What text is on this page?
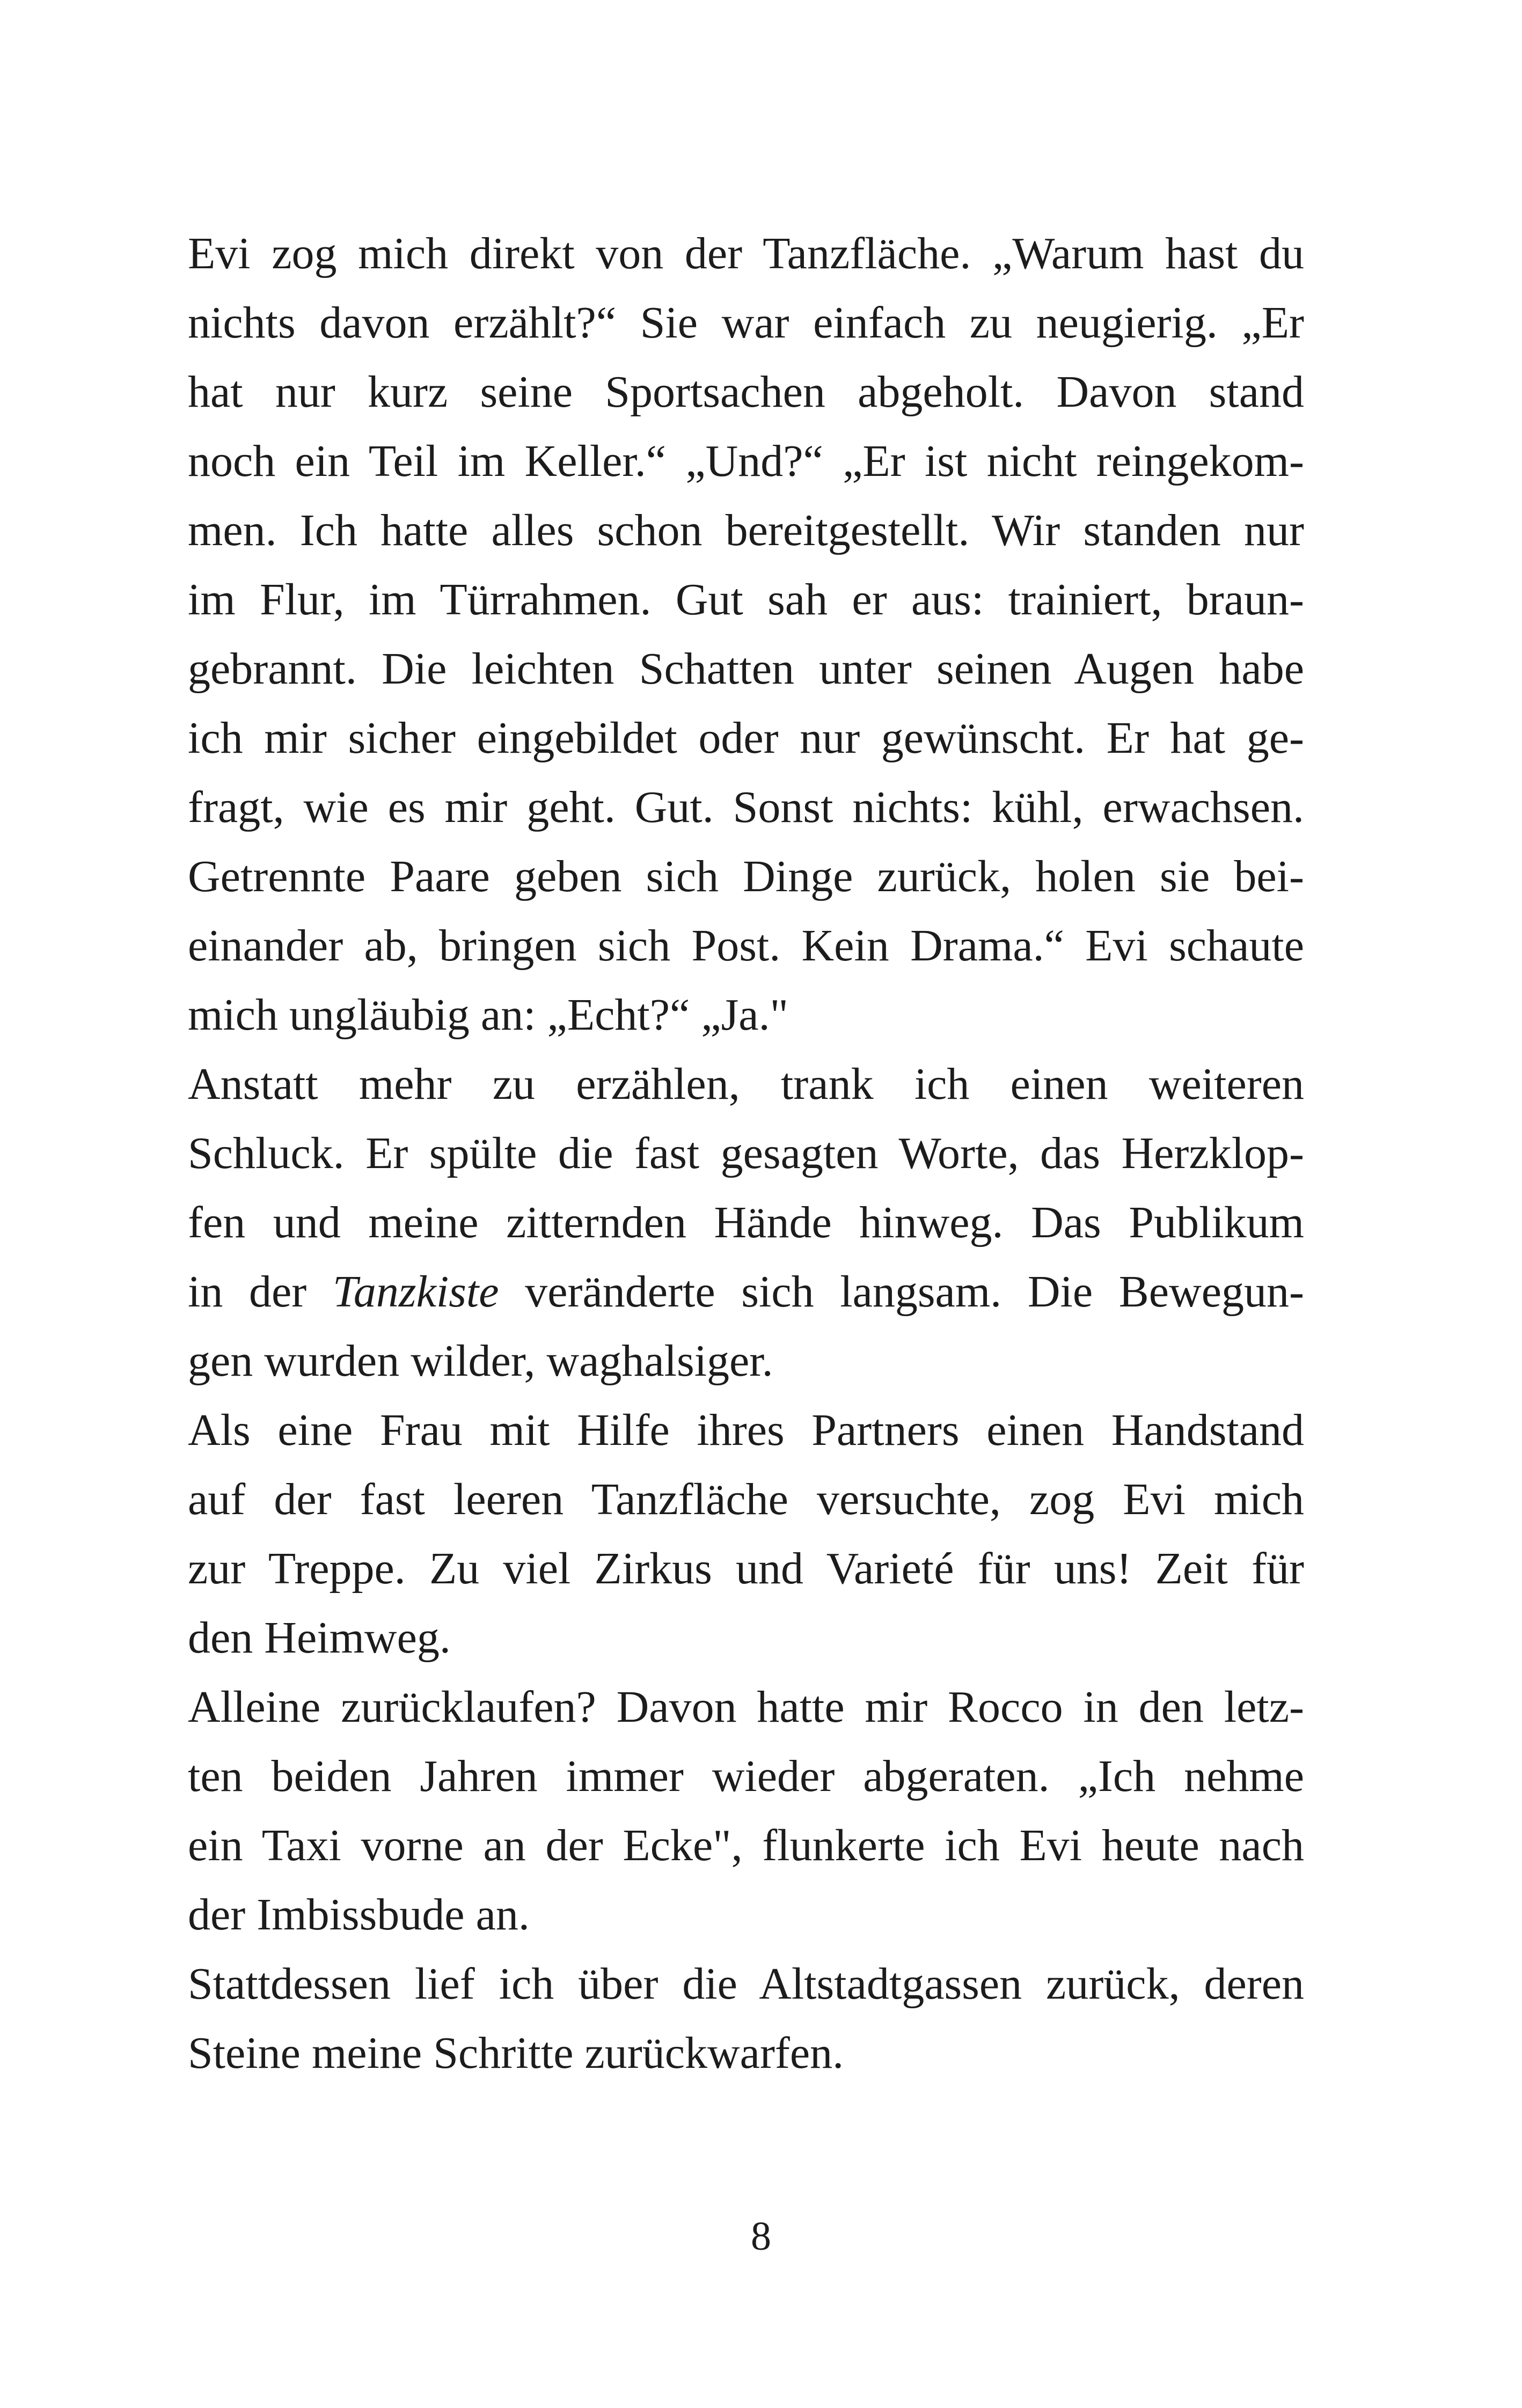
Evi zog mich direkt von der Tanzfläche. „Warum hast du
nichts davon erzählt?“ Sie war einfach zu neugierig. „Er
hat nur kurz seine Sportsachen abgeholt. Davon stand
noch ein Teil im Keller.“ „Und?“ „Er ist nicht reingekom-
men. Ich hatte alles schon bereitgestellt. Wir standen nur
im Flur, im Türrahmen. Gut sah er aus: trainiert, braun-
gebrannt. Die leichten Schatten unter seinen Augen habe
ich mir sicher eingebildet oder nur gewünscht. Er hat ge-
fragt, wie es mir geht. Gut. Sonst nichts: kühl, erwachsen.
Getrennte Paare geben sich Dinge zurück, holen sie bei-
einander ab, bringen sich Post. Kein Drama.“ Evi schaute
mich ungläubig an: „Echt?“ „Ja."
Anstatt mehr zu erzählen, trank ich einen weiteren
Schluck. Er spülte die fast gesagten Worte, das Herzklop-
fen und meine zitternden Hände hinweg. Das Publikum
in der Tanzkiste veränderte sich langsam. Die Bewegun-
gen wurden wilder, waghalsiger.
Als eine Frau mit Hilfe ihres Partners einen Handstand
auf der fast leeren Tanzfläche versuchte, zog Evi mich
zur Treppe. Zu viel Zirkus und Varieté für uns! Zeit für
den Heimweg.
Alleine zurücklaufen? Davon hatte mir Rocco in den letz-
ten beiden Jahren immer wieder abgeraten. „Ich nehme
ein Taxi vorne an der Ecke", flunkerte ich Evi heute nach
der Imbissbude an.
Stattdessen lief ich über die Altstadtgassen zurück, deren
Steine meine Schritte zurückwarfen.
8
